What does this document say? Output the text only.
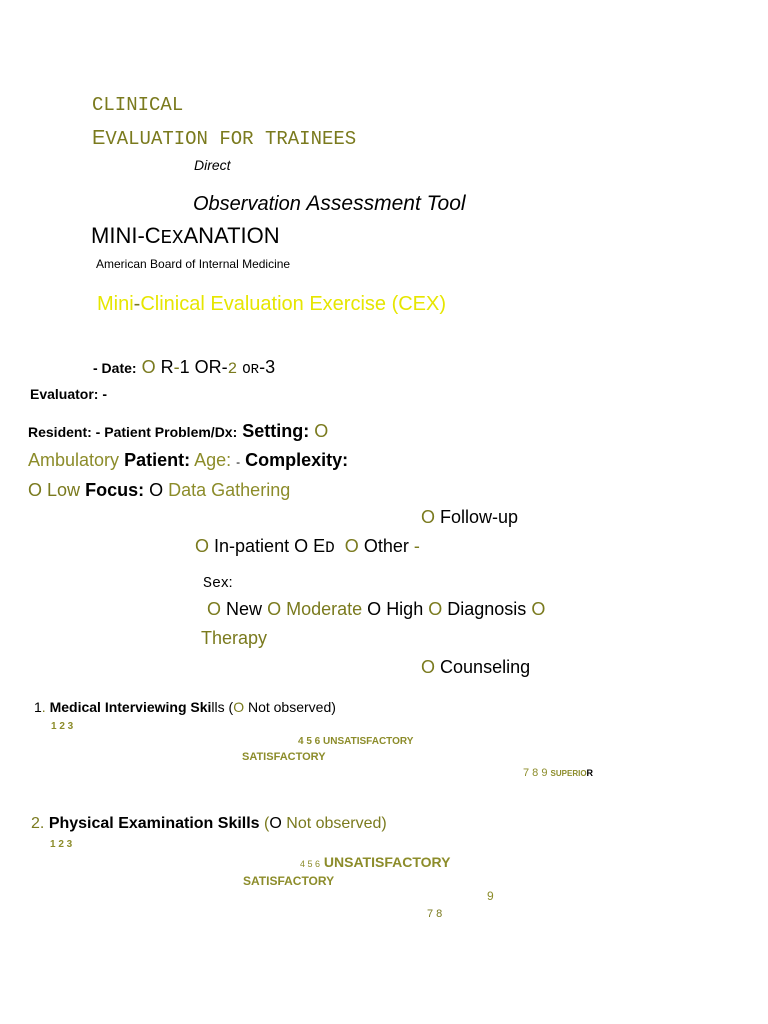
CLINICAL
EVALUATION FOR TRAINEES
Direct
Observation Assessment Tool
MINI-CEXANATION
American Board of Internal Medicine
Mini-Clinical Evaluation Exercise (CEX)
- Date: O R-1 OR-2 OR-3
Evaluator: -
Resident: - Patient Problem/Dx: Setting: O
Ambulatory Patient: Age: - Complexity:
O Low Focus: O Data Gathering
O Follow-up
O In-patient O ED O Other -
Sex:
O New O Moderate O High O Diagnosis O
Therapy
O Counseling
1. Medical Interviewing Skills (O Not observed)
1 2 3
4 5 6 UNSATISFACTORY
SATISFACTORY
7 8 9 SUPERIOR
2. Physical Examination Skills (O Not observed)
1 2 3
4 5 6 UNSATISFACTORY
SATISFACTORY
9
7 8
